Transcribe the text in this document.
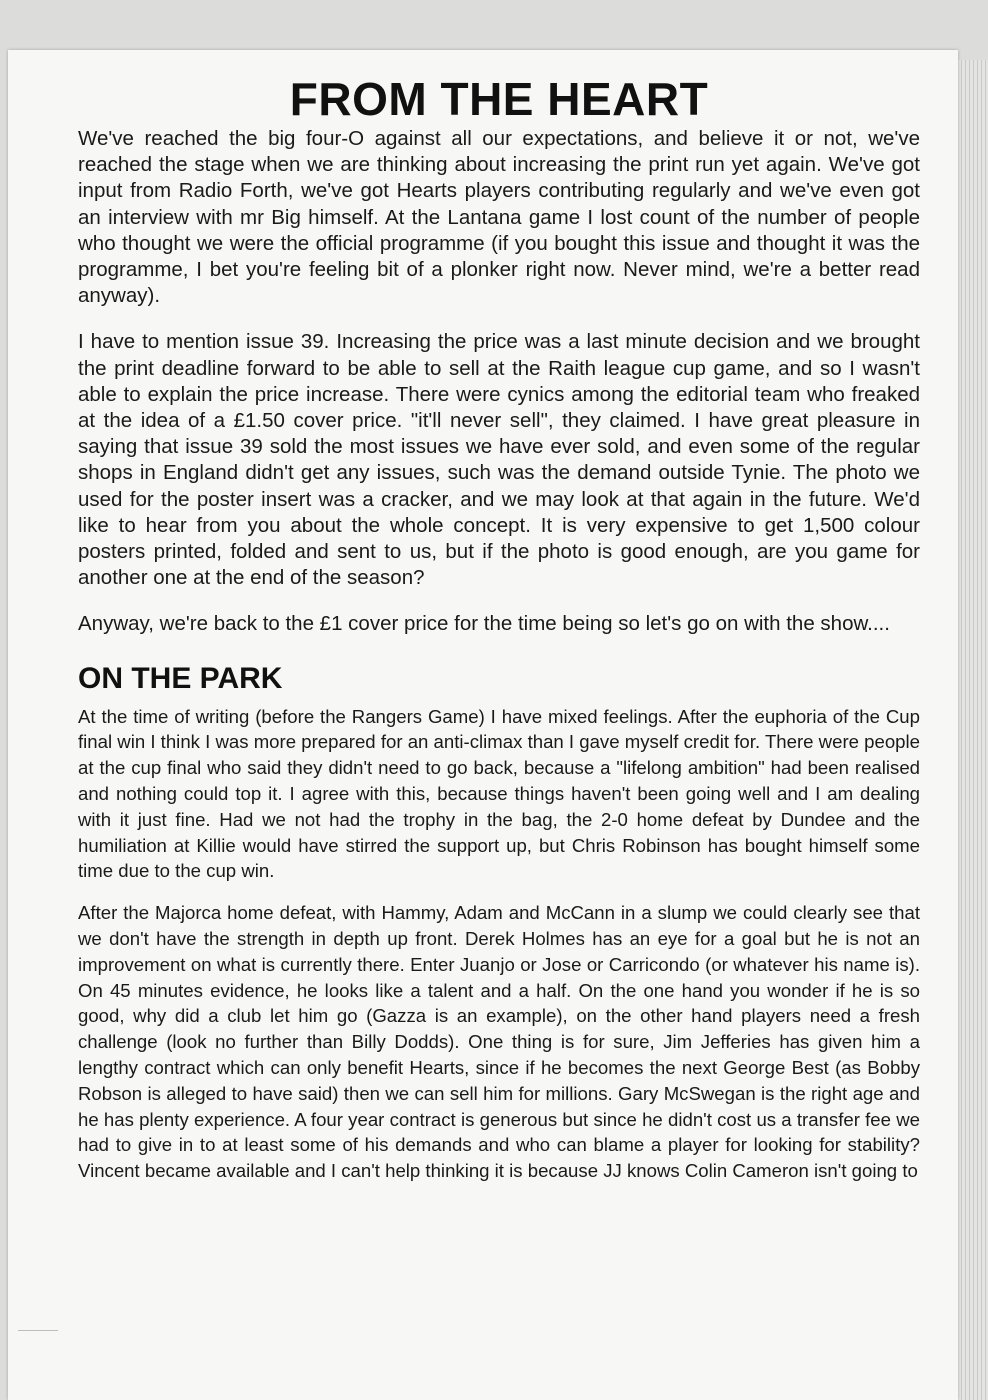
FROM THE HEART

We've reached the big four-O against all our expectations, and believe it or not, we've reached the stage when we are thinking about increasing the print run yet again. We've got input from Radio Forth, we've got Hearts players contributing regularly and we've even got an interview with mr Big himself. At the Lantana game I lost count of the number of people who thought we were the official programme (if you bought this issue and thought it was the programme, I bet you're feeling bit of a plonker right now. Never mind, we're a better read anyway).

I have to mention issue 39. Increasing the price was a last minute decision and we brought the print deadline forward to be able to sell at the Raith league cup game, and so I wasn't able to explain the price increase. There were cynics among the editorial team who freaked at the idea of a £1.50 cover price. "it'll never sell", they claimed. I have great pleasure in saying that issue 39 sold the most issues we have ever sold, and even some of the regular shops in England didn't get any issues, such was the demand outside Tynie. The photo we used for the poster insert was a cracker, and we may look at that again in the future. We'd like to hear from you about the whole concept. It is very expensive to get 1,500 colour posters printed, folded and sent to us, but if the photo is good enough, are you game for another one at the end of the season?

Anyway, we're back to the £1 cover price for the time being so let's go on with the show....

ON THE PARK

At the time of writing (before the Rangers Game) I have mixed feelings. After the euphoria of the Cup final win I think I was more prepared for an anti-climax than I gave myself credit for. There were people at the cup final who said they didn't need to go back, because a "lifelong ambition" had been realised and nothing could top it. I agree with this, because things haven't been going well and I am dealing with it just fine. Had we not had the trophy in the bag, the 2-0 home defeat by Dundee and the humiliation at Killie would have stirred the support up, but Chris Robinson has bought himself some time due to the cup win.

After the Majorca home defeat, with Hammy, Adam and McCann in a slump we could clearly see that we don't have the strength in depth up front. Derek Holmes has an eye for a goal but he is not an improvement on what is currently there. Enter Juanjo or Jose or Carricondo (or whatever his name is). On 45 minutes evidence, he looks like a talent and a half. On the one hand you wonder if he is so good, why did a club let him go (Gazza is an example), on the other hand players need a fresh challenge (look no further than Billy Dodds). One thing is for sure, Jim Jefferies has given him a lengthy contract which can only benefit Hearts, since if he becomes the next George Best (as Bobby Robson is alleged to have said) then we can sell him for millions. Gary McSwegan is the right age and he has plenty experience. A four year contract is generous but since he didn't cost us a transfer fee we had to give in to at least some of his demands and who can blame a player for looking for stability? Vincent became available and I can't help thinking it is because JJ knows Colin Cameron isn't going to
